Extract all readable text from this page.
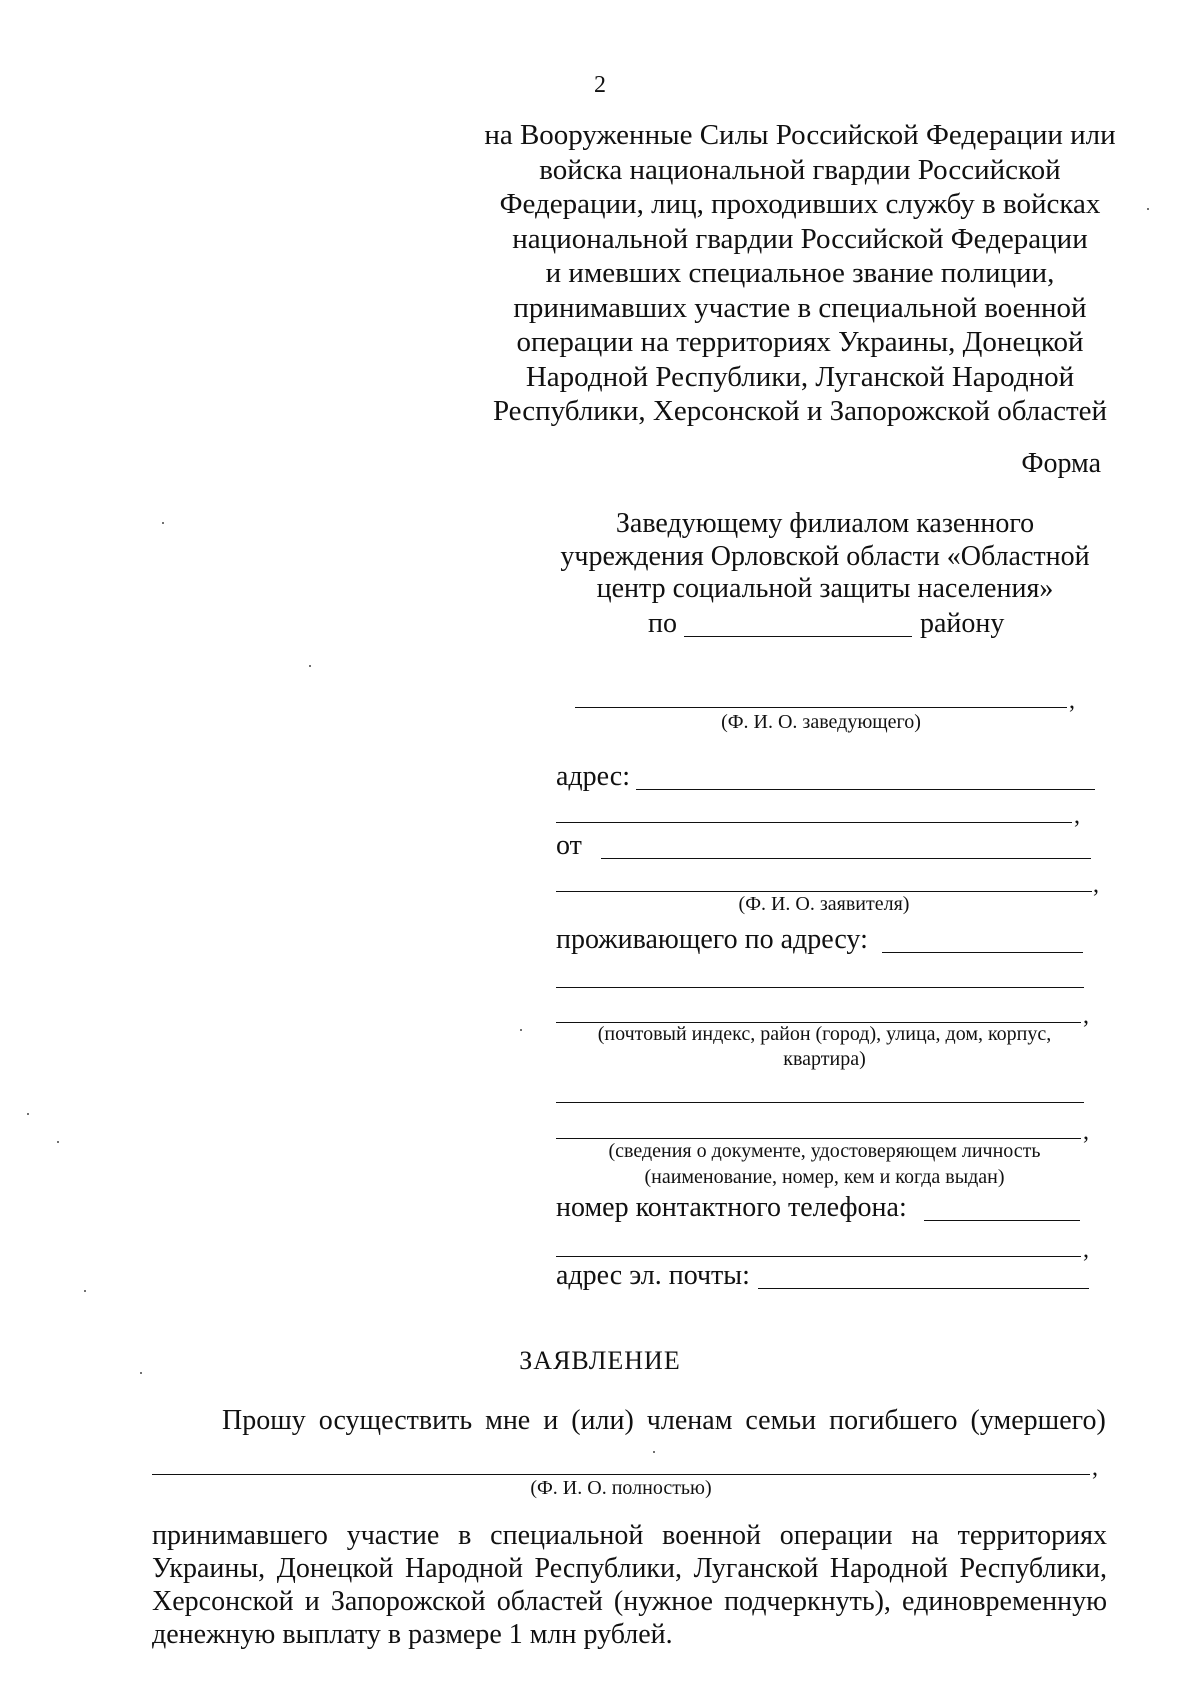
2
на Вооруженные Силы Российской Федерации или
войска национальной гвардии Российской
Федерации, лиц, проходивших службу в войсках
национальной гвардии Российской Федерации
и имевших специальное звание полиции,
принимавших участие в специальной военной
операции на территориях Украины, Донецкой
Народной Республики, Луганской Народной
Республики, Херсонской и Запорожской областей
Форма
Заведующему филиалом казенного
учреждения Орловской области «Областной
центр социальной защиты населения»
по	району
,
(Ф. И. О. заведующего)
адрес:
,
от
,
(Ф. И. О. заявителя)
проживающего по адресу:
,
(почтовый индекс, район (город), улица, дом, корпус,
квартира)
,
(сведения о документе, удостоверяющем личность
(наименование, номер, кем и когда выдан)
номер контактного телефона:
,
адрес эл. почты:
ЗАЯВЛЕНИЕ
Прошу осуществить мне и (или) членам семьи погибшего (умершего)
,
(Ф. И. О. полностью)
принимавшего участие в специальной военной операции на территориях Украины, Донецкой Народной Республики, Луганской Народной Республики, Херсонской и Запорожской областей (нужное подчеркнуть), единовременную денежную выплату в размере 1 млн рублей.
